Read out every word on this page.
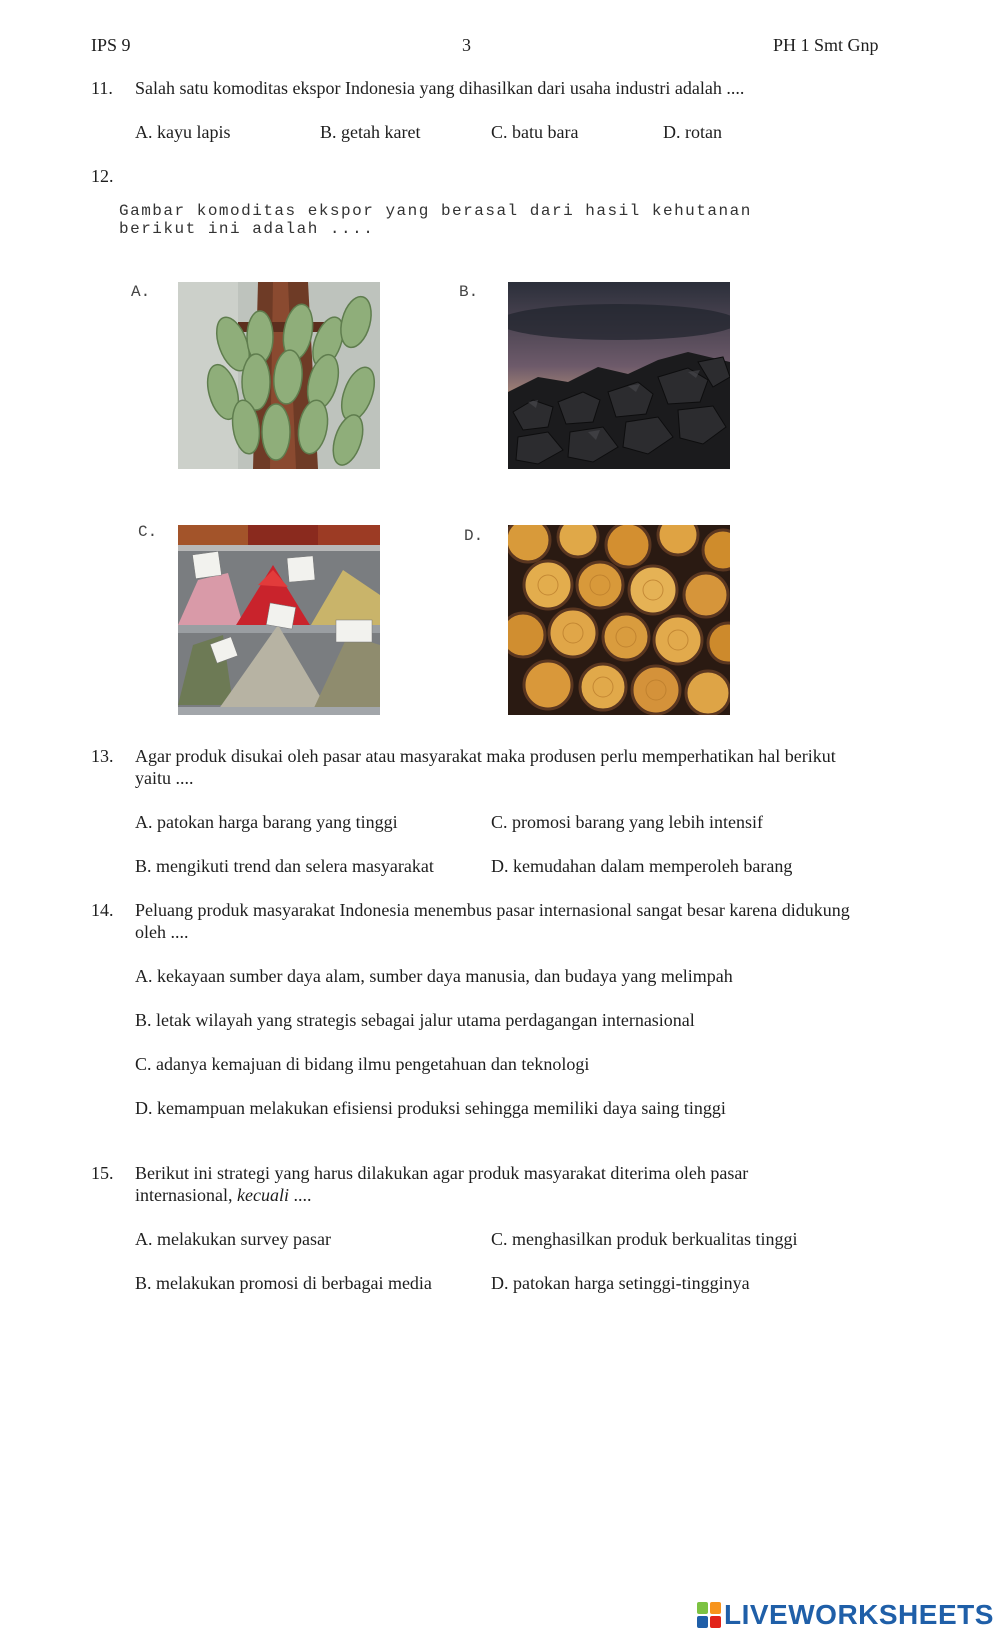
IPS 9	3	PH 1 Smt Gnp
11. Salah satu komoditas ekspor Indonesia yang dihasilkan dari usaha industri adalah ....
A. kayu lapis	B. getah karet	C. batu bara	D. rotan
12.
Gambar komoditas ekspor yang berasal dari hasil kehutanan
berikut ini adalah ....
A.	B.
C.	D.
13. Agar produk disukai oleh pasar atau masyarakat maka produsen perlu memperhatikan hal berikut
yaitu ....
A. patokan harga barang yang tinggi	C. promosi barang yang lebih intensif
B. mengikuti trend dan selera masyarakat	D. kemudahan dalam memperoleh barang
14. Peluang produk masyarakat Indonesia menembus pasar internasional sangat besar karena didukung
oleh ....
A. kekayaan sumber daya alam, sumber daya manusia, dan budaya yang melimpah
B. letak wilayah yang strategis sebagai jalur utama perdagangan internasional
C. adanya kemajuan di bidang ilmu pengetahuan dan teknologi
D. kemampuan melakukan efisiensi produksi sehingga memiliki daya saing tinggi
15. Berikut ini strategi yang harus dilakukan agar produk masyarakat diterima oleh pasar
internasional, kecuali ....
A. melakukan survey pasar	C. menghasilkan produk berkualitas tinggi
B. melakukan promosi di berbagai media	D. patokan harga setinggi-tingginya
LIVEWORKSHEETS
